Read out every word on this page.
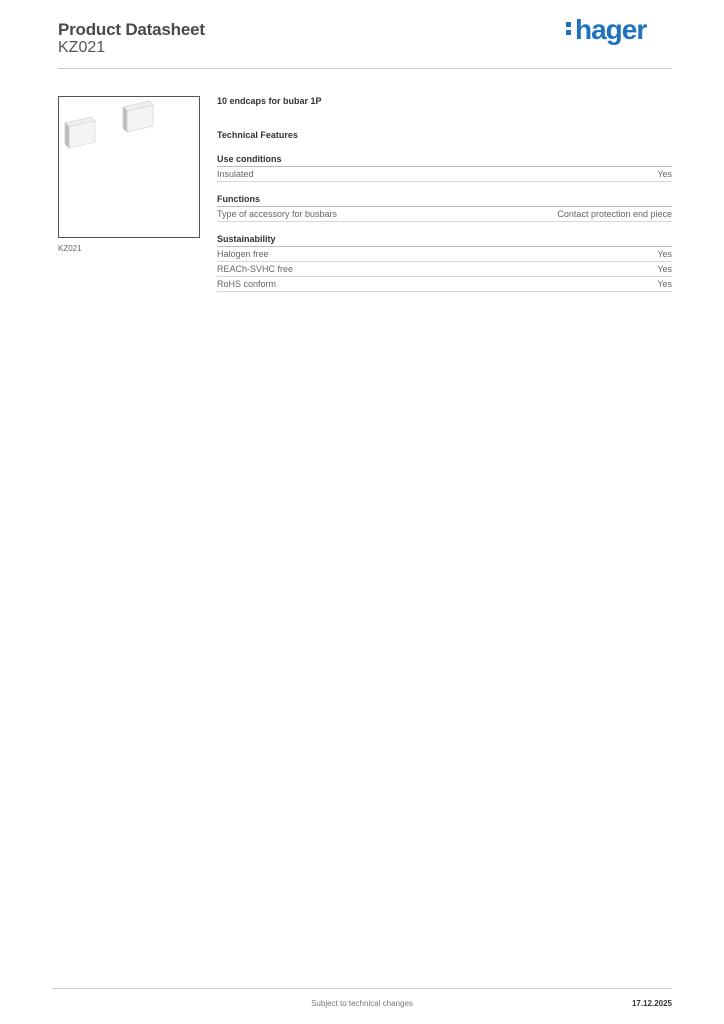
Product Datasheet
KZ021
hager
KZ021
10 endcaps for bubar 1P
Technical Features
Use conditions
Insulated	Yes
Functions
Type of accessory for busbars	Contact protection end piece
Sustainability
Halogen free	Yes
REACh-SVHC free	Yes
RoHS conform	Yes
Subject to technical changes	17.12.2025
